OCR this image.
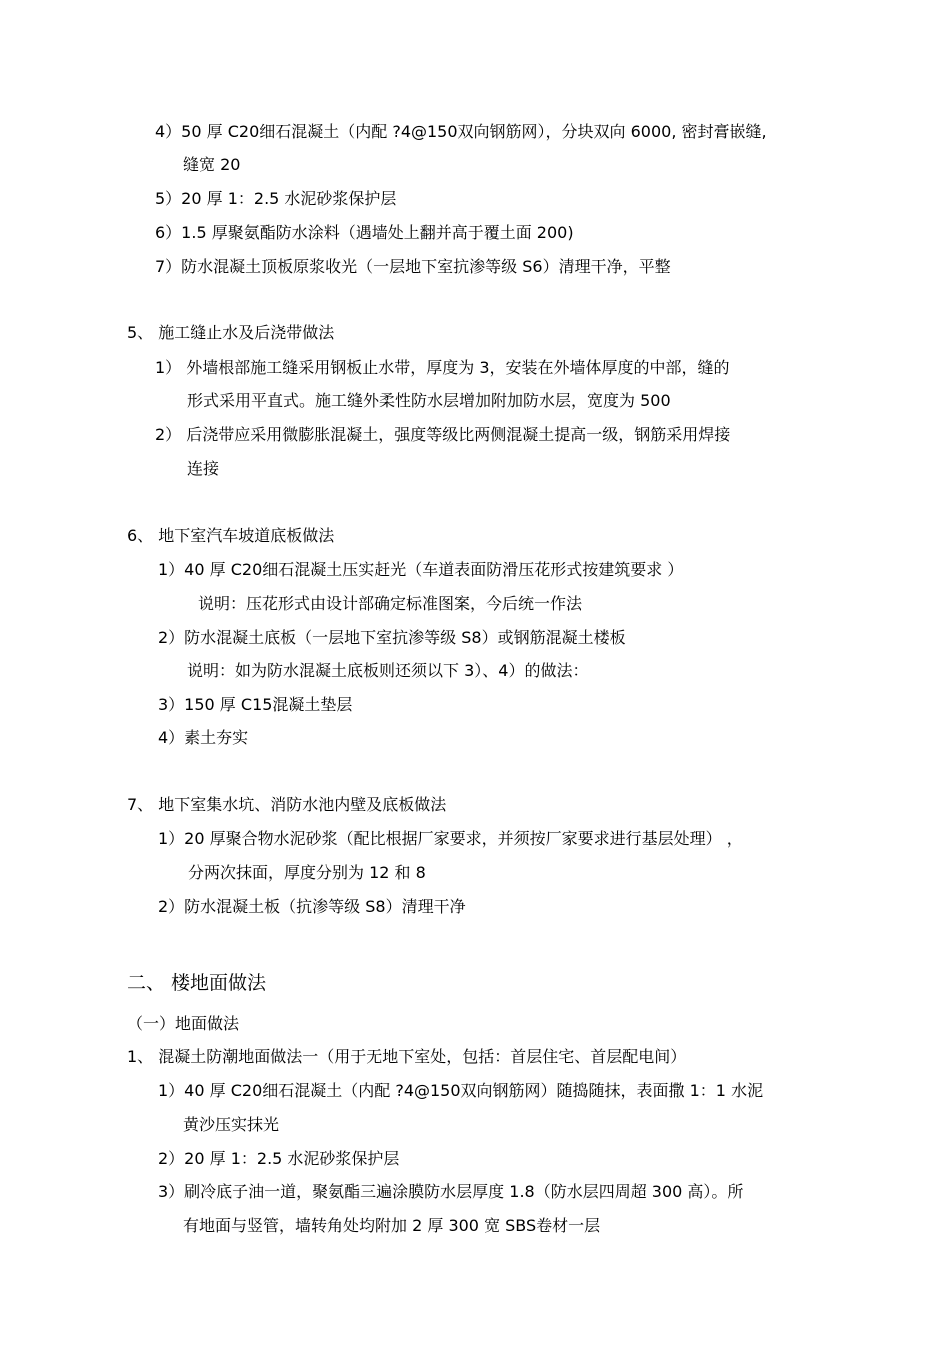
4）50 厚 C20细石混凝土（内配 ?4@150双向钢筋网），分块双向 6000, 密封膏嵌缝,
缝宽 20
5）20 厚 1：2.5 水泥砂浆保护层
6）1.5 厚聚氨酯防水涂料（遇墙处上翻并高于覆土面 200)
7）防水混凝土顶板原浆收光（一层地下室抗渗等级 S6）清理干净，平整
5、 施工缝止水及后浇带做法
1） 外墙根部施工缝采用钢板止水带，厚度为 3，安装在外墙体厚度的中部，缝的
形式采用平直式。施工缝外柔性防水层增加附加防水层，宽度为 500
2） 后浇带应采用微膨胀混凝土，强度等级比两侧混凝土提高一级，钢筋采用焊接
连接
6、 地下室汽车坡道底板做法
1）40 厚 C20细石混凝土压实赶光（车道表面防滑压花形式按建筑要求 ）
说明：压花形式由设计部确定标准图案，今后统一作法
2）防水混凝土底板（一层地下室抗渗等级 S8）或钢筋混凝土楼板
说明：如为防水混凝土底板则还须以下 3）、4）的做法：
3）150 厚 C15混凝土垫层
4）素土夯实
7、 地下室集水坑、消防水池内壁及底板做法
1）20 厚聚合物水泥砂浆（配比根据厂家要求，并须按厂家要求进行基层处理） ，
分两次抹面，厚度分别为 12 和 8
2）防水混凝土板（抗渗等级 S8）清理干净
二、 楼地面做法
（一）地面做法
1、 混凝土防潮地面做法一（用于无地下室处，包括：首层住宅、首层配电间）
1）40 厚 C20细石混凝土（内配 ?4@150双向钢筋网）随捣随抹，表面撒 1：1 水泥
黄沙压实抹光
2）20 厚 1：2.5 水泥砂浆保护层
3）刷冷底子油一道，聚氨酯三遍涂膜防水层厚度 1.8（防水层四周超 300 高）。所
有地面与竖管，墙转角处均附加 2 厚 300 宽 SBS卷材一层
